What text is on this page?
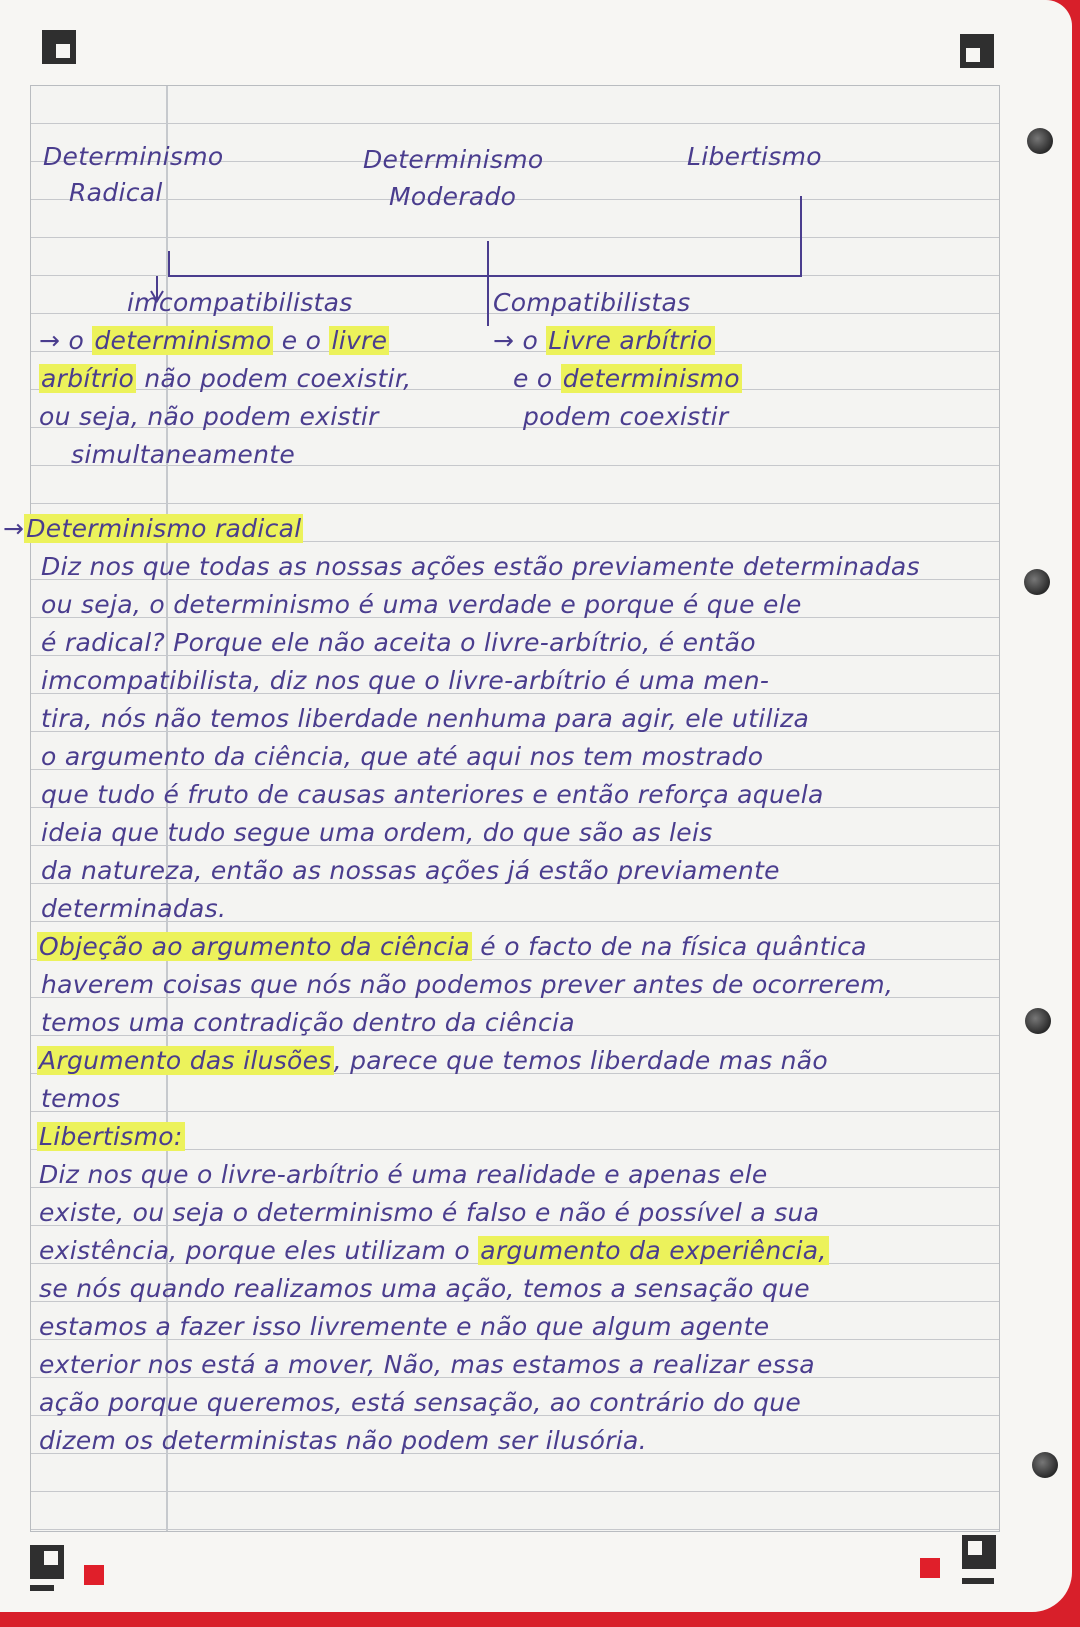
Determinismo

Radical

Determinismo

Moderado

Libertismo

imcompatibilistas

→ o determinismo e o livre

arbítrio não podem coexistir,

ou seja, não podem existir

simultaneamente

Compatibilistas

→ o Livre arbítrio

e o determinismo

podem coexistir

→Determinismo radical

Diz nos que todas as nossas ações estão previamente determinadas

ou seja, o determinismo é uma verdade e porque é que ele

é radical? Porque ele não aceita o livre-arbítrio, é então

imcompatibilista, diz nos que o livre-arbítrio é uma men-

tira, nós não temos liberdade nenhuma para agir, ele utiliza

o argumento da ciência, que até aqui nos tem mostrado

que tudo é fruto de causas anteriores e então reforça aquela

ideia que tudo segue uma ordem, do que são as leis

da natureza, então as nossas ações já estão previamente

determinadas.

Objeção ao argumento da ciência é o facto de na física quântica

haverem coisas que nós não podemos prever antes de ocorrerem,

temos uma contradição dentro da ciência

Argumento das ilusões, parece que temos liberdade mas não

temos

Libertismo:

Diz nos que o livre-arbítrio é uma realidade e apenas ele

existe, ou seja o determinismo é falso e não é possível a sua

existência, porque eles utilizam o argumento da experiência,

se nós quando realizamos uma ação, temos a sensação que

estamos a fazer isso livremente e não que algum agente

exterior nos está a mover, Não, mas estamos a realizar essa

ação porque queremos, está sensação, ao contrário do que

dizem os deterministas não podem ser ilusória.
